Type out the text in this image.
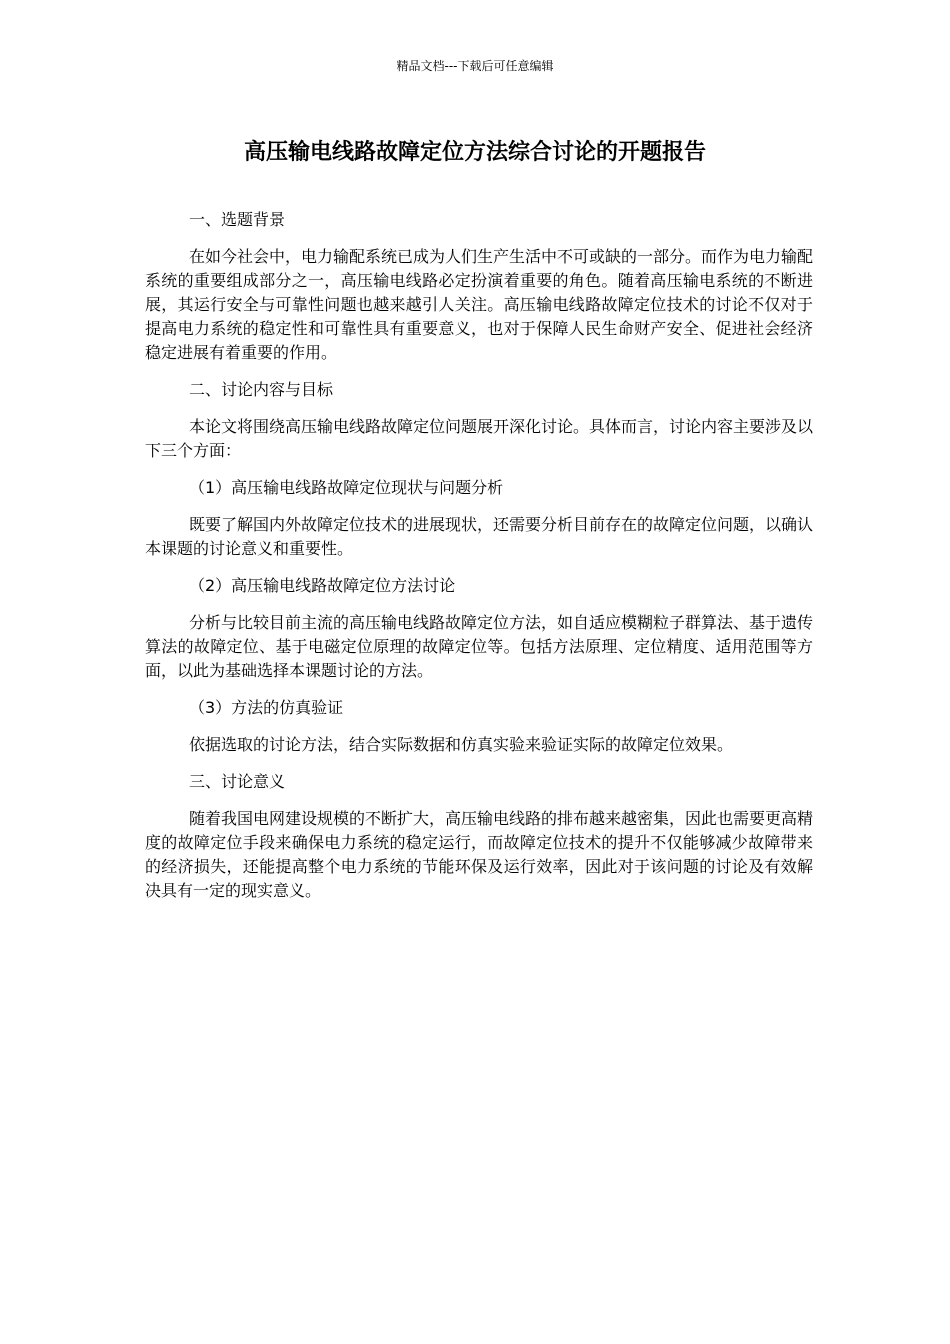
精品文档---下载后可任意编辑
高压输电线路故障定位方法综合讨论的开题报告

一、选题背景

在如今社会中，电力输配系统已成为人们生产生活中不可或缺的一部分。而作为电力输配系统的重要组成部分之一，高压输电线路必定扮演着重要的角色。随着高压输电系统的不断进展，其运行安全与可靠性问题也越来越引人关注。高压输电线路故障定位技术的讨论不仅对于提高电力系统的稳定性和可靠性具有重要意义，也对于保障人民生命财产安全、促进社会经济稳定进展有着重要的作用。

二、讨论内容与目标

本论文将围绕高压输电线路故障定位问题展开深化讨论。具体而言，讨论内容主要涉及以下三个方面：

（1）高压输电线路故障定位现状与问题分析

既要了解国内外故障定位技术的进展现状，还需要分析目前存在的故障定位问题，以确认本课题的讨论意义和重要性。

（2）高压输电线路故障定位方法讨论

分析与比较目前主流的高压输电线路故障定位方法，如自适应模糊粒子群算法、基于遗传算法的故障定位、基于电磁定位原理的故障定位等。包括方法原理、定位精度、适用范围等方面，以此为基础选择本课题讨论的方法。

（3）方法的仿真验证

依据选取的讨论方法，结合实际数据和仿真实验来验证实际的故障定位效果。

三、讨论意义

随着我国电网建设规模的不断扩大，高压输电线路的排布越来越密集，因此也需要更高精度的故障定位手段来确保电力系统的稳定运行，而故障定位技术的提升不仅能够减少故障带来的经济损失，还能提高整个电力系统的节能环保及运行效率，因此对于该问题的讨论及有效解决具有一定的现实意义。
